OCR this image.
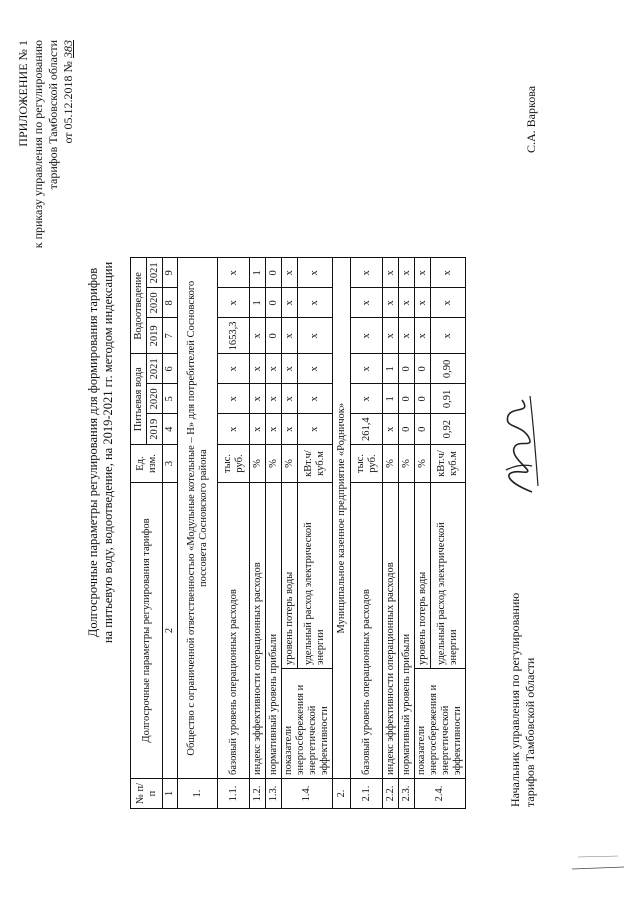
ПРИЛОЖЕНИЕ № 1 к приказу управления по регулированию тарифов Тамбовской области от 05.12.2018 № 383
Долгосрочные параметры регулирования для формирования тарифов на питьевую воду, водоотведение, на 2019-2021 гг. методом индексации
№ п/п	Долгосрочные параметры регулирования тарифов		Ед. изм.	Питьевая вода			Водоотведение		
				2019	2020	2021	2019	2020	2021
1	2		3	4	5	6	7	8	9
1.	Общество с ограниченной ответственностью «Модульные котельные – Н» для потребителей Сосновского поссовета Сосновского района								
1.1.	базовый уровень операционных расходов		тыс. руб.	х	х	х	1653,3	х	х
1.2.	индекс эффективности операционных расходов		%	х	х	х	х	1	1
1.3.	нормативный уровень прибыли		%	х	х	х	0	0	0
1.4.	показатели энергосбережения и энергетической эффективности	уровень потерь воды	%	х	х	х	х	х	х
		удельный расход электрической энергии	кВт.ч/куб.м	х	х	х	х	х	х
2.	Муниципальное казенное предприятие «Родничок»								
2.1.	базовый уровень операционных расходов		тыс. руб.	261,4	х	х	х	х	х
2.2.	индекс эффективности операционных расходов		%	х	1	1	х	х	х
2.3.	нормативный уровень прибыли		%	0	0	0	х	х	х
2.4.	показатели энергосбережения и энергетической эффективности	уровень потерь воды	%	0	0	0	х	х	х
		удельный расход электрической энергии	кВт.ч/куб.м	0,92	0,91	0,90	х	х	х
Начальник управления по регулированию тарифов Тамбовской области
С.А. Варкова
